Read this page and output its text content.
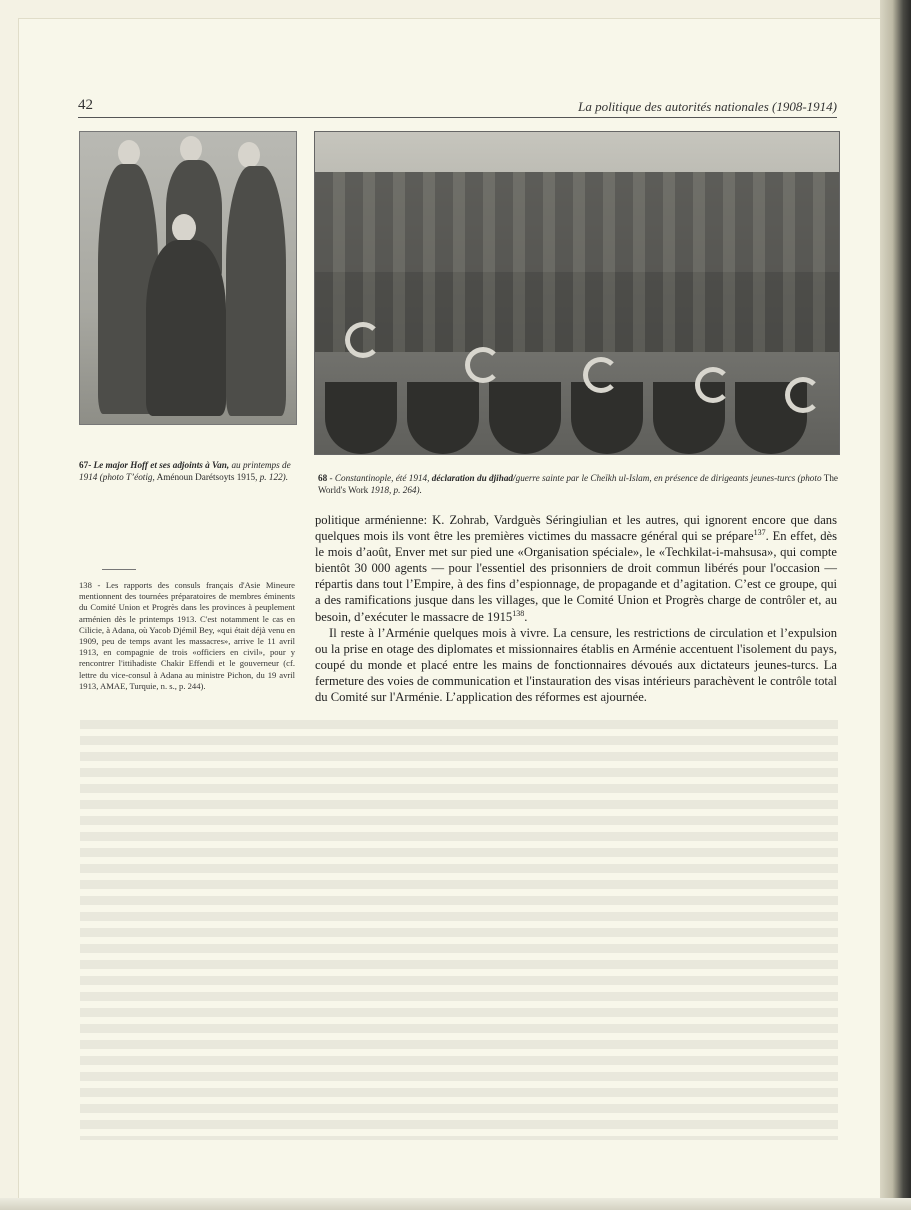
42	La politique des autorités nationales (1908-1914)
67- Le major Hoff et ses adjoints à Van, au printemps de 1914 (photo T’éotig, Aménoun Darétsoyts 1915, p. 122).	68 - Constantinople, été 1914, déclaration du djihad/guerre sainte par le Cheïkh ul-Islam, en présence de dirigeants jeunes-turcs (photo The World's Work 1918, p. 264).
138 - Les rapports des consuls français d'Asie Mineure mentionnent des tournées préparatoires de membres éminents du Comité Union et Progrès dans les provinces à peuplement arménien dès le printemps 1913. C'est notamment le cas en Cilicie, à Adana, où Yacob Djémil Bey, «qui était déjà venu en 1909, peu de temps avant les massacres», arrive le 11 avril 1913, en compagnie de trois «officiers en civil», pour y rencontrer l'ittihadiste Chakir Effendi et le gouverneur (cf. lettre du vice-consul à Adana au ministre Pichon, du 19 avril 1913, AMAE, Turquie, n. s., p. 244).

politique arménienne: K. Zohrab, Vardguès Séringiulian et les autres, qui ignorent encore que dans quelques mois ils vont être les premières victimes du massacre général qui se prépare$^{137}$. En effet, dès le mois d’août, Enver met sur pied une «Organisation spéciale», le «Techkilat-i-mahsusa», qui compte bientôt 30 000 agents — pour l'essentiel des prisonniers de droit commun libérés pour l'occasion — répartis dans tout l’Empire, à des fins d’espionnage, de propagande et d’agitation. C’est ce groupe, qui a des ramifications jusque dans les villages, que le Comité Union et Progrès charge de contrôler et, au besoin, d’exécuter le massacre de 1915$^{138}$.

Il reste à l’Arménie quelques mois à vivre. La censure, les restrictions de circulation et l’expulsion ou la prise en otage des diplomates et missionnaires établis en Arménie accentuent l'isolement du pays, coupé du monde et placé entre les mains de fonctionnaires dévoués aux dictateurs jeunes-turcs. La fermeture des voies de communication et l'instauration des visas intérieurs parachèvent le contrôle total du Comité sur l'Arménie. L’application des réformes est ajournée.
